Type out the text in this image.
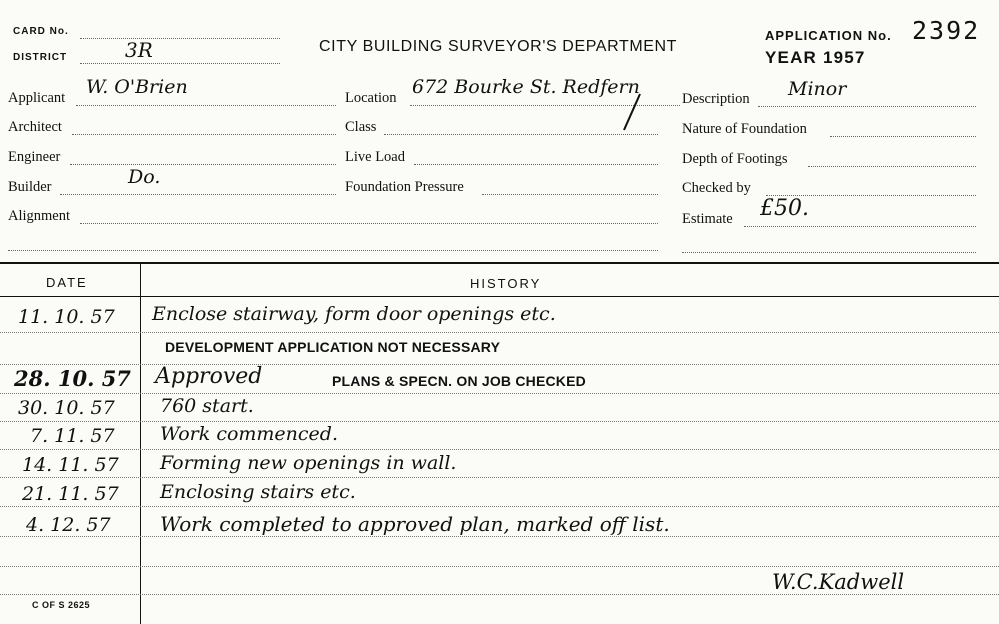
CARD No.
DISTRICT	3R	CITY BUILDING SURVEYOR'S DEPARTMENT
APPLICATION No. 2392
YEAR 1957
Applicant W. O'Brien
Architect
Engineer
Builder	Do.
Alignment
Location 672 Bourke St. Redfern
Class
Live Load
Foundation Pressure
Description Minor
Nature of Foundation
Depth of Footings
Checked by
Estimate £50.
DATE	HISTORY
11. 10. 57 Enclose stairway, form door openings etc.
DEVELOPMENT APPLICATION NOT NECESSARY
28. 10. 57 Approved	PLANS & SPECN. ON JOB CHECKED
30. 10. 57 760 start.
7. 11. 57 Work commenced.
14. 11. 57 Forming new openings in wall.
21. 11. 57 Enclosing stairs etc.
4. 12. 57 Work completed to approved plan, marked off list.
W.C.Kadwell
C OF S 2625
